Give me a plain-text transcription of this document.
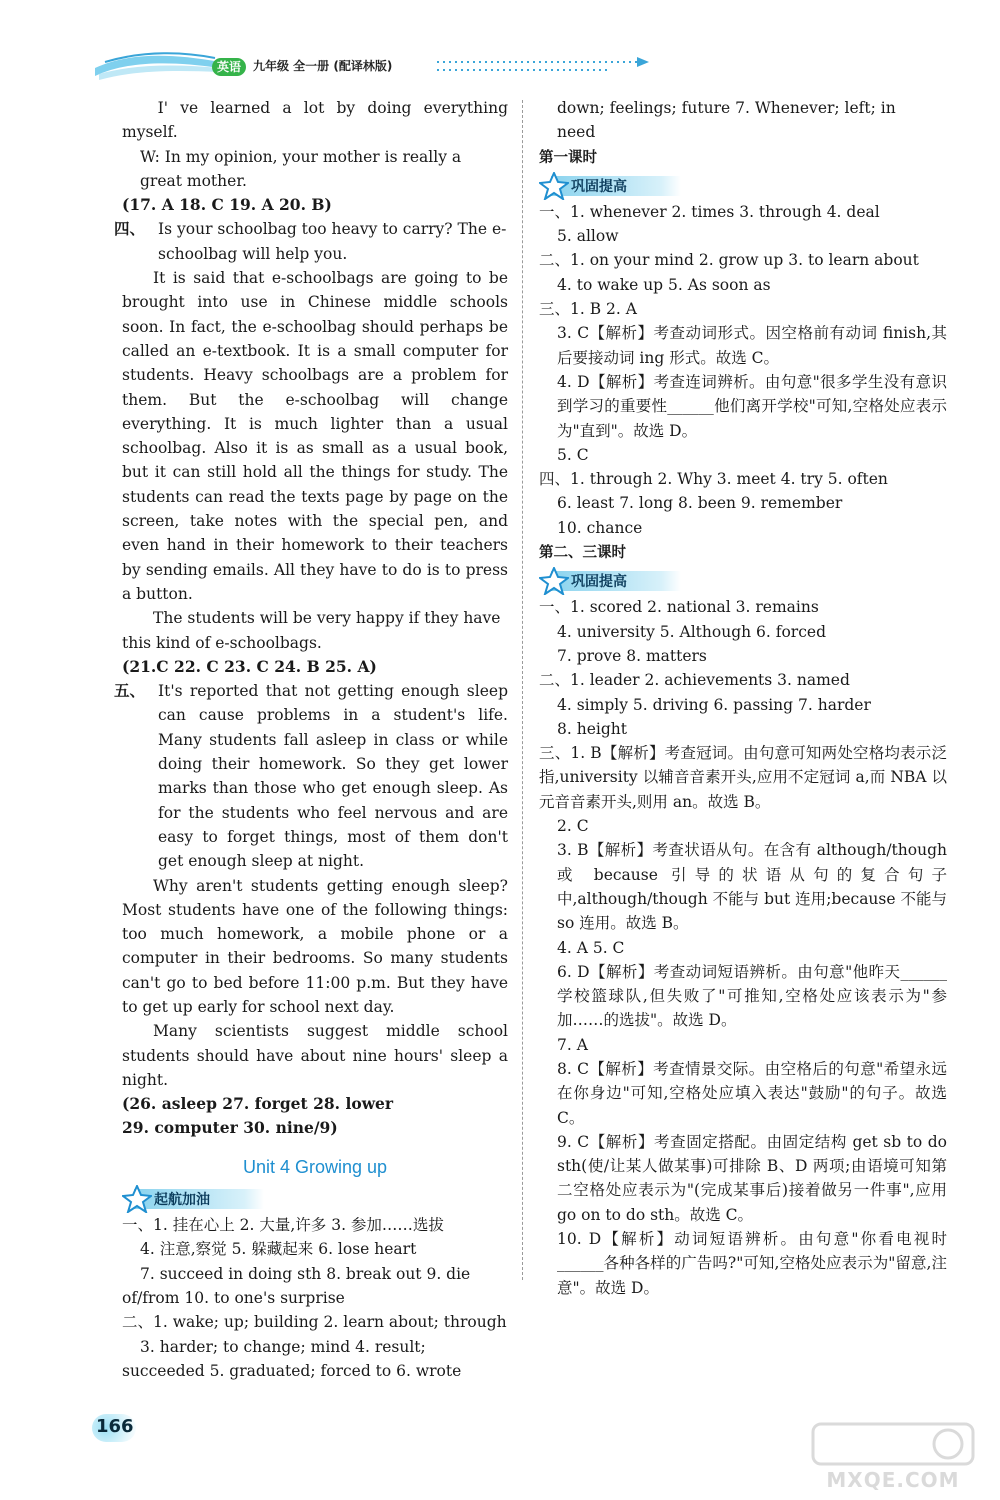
英语	九年级 全一册 (配译林版)

I' ve learned a lot by doing everything myself.

W: In my opinion, your mother is really a great mother.

(17. A 18. C 19. A 20. B)

四、 Is your schoolbag too heavy to carry? The e-schoolbag will help you.

It is said that e-schoolbags are going to be brought into use in Chinese middle schools soon. In fact, the e-schoolbag should perhaps be called an e-textbook. It is a small computer for students. Heavy schoolbags are a problem for them. But the e-schoolbag will change everything. It is much lighter than a usual schoolbag. Also it is as small as a usual book, but it can still hold all the things for study. The students can read the texts page by page on the screen, take notes with the special pen, and even hand in their homework to their teachers by sending emails. All they have to do is to press a button.

The students will be very happy if they have this kind of e-schoolbags.

(21.C 22. C 23. C 24. B 25. A)

五、 It's reported that not getting enough sleep can cause problems in a student's life. Many students fall asleep in class or while doing their homework. So they get lower marks than those who get enough sleep. As for the students who feel nervous and are easy to forget things, most of them don't get enough sleep at night.

Why aren't students getting enough sleep? Most students have one of the following things: too much homework, a mobile phone or a computer in their bedrooms. So many students can't go to bed before 11:00 p.m. But they have to get up early for school next day.

Many scientists suggest middle school students should have about nine hours' sleep a night.

(26. asleep 27. forget 28. lower

29. computer 30. nine/9)

Unit 4 Growing up
起航加油

一、1. 挂在心上 2. 大量,许多 3. 参加……选拔

4. 注意,察觉 5. 躲藏起来 6. lose heart

7. succeed in doing sth 8. break out 9. die

of/from 10. to one's surprise

二、1. wake; up; building 2. learn about; through

3. harder; to change; mind 4. result;

succeeded 5. graduated; forced to 6. wrote

down; feelings; future 7. Whenever; left; in

need

第一课时

巩固提高

一、1. whenever 2. times 3. through 4. deal

5. allow

二、1. on your mind 2. grow up 3. to learn about

4. to wake up 5. As soon as

三、1. B 2. A

3. C【解析】考查动词形式。因空格前有动词 finish,其后要接动词 ing 形式。故选 C。

4. D【解析】考查连词辨析。由句意"很多学生没有意识到学习的重要性______他们离开学校"可知,空格处应表示为"直到"。故选 D。

5. C

四、1. through 2. Why 3. meet 4. try 5. often

6. least 7. long 8. been 9. remember

10. chance

第二、三课时

巩固提高

一、1. scored 2. national 3. remains

4. university 5. Although 6. forced

7. prove 8. matters

二、1. leader 2. achievements 3. named

4. simply 5. driving 6. passing 7. harder

8. height

三、1. B【解析】考查冠词。由句意可知两处空格均表示泛指,university 以辅音音素开头,应用不定冠词 a,而 NBA 以元音音素开头,则用 an。故选 B。

2. C

3. B【解析】考查状语从句。在含有 although/though 或 because 引导的状语从句的复合句子中,although/though 不能与 but 连用;because 不能与 so 连用。故选 B。

4. A 5. C

6. D【解析】考查动词短语辨析。由句意"他昨天______学校篮球队,但失败了"可推知,空格处应该表示为"参加……的选拔"。故选 D。

7. A

8. C【解析】考查情景交际。由空格后的句意"希望永远在你身边"可知,空格处应填入表达"鼓励"的句子。故选 C。

9. C【解析】考查固定搭配。由固定结构 get sb to do sth(使/让某人做某事)可排除 B、D 两项;由语境可知第二空格处应表示为"(完成某事后)接着做另一件事",应用 go on to do sth。故选 C。

10. D【解析】动词短语辨析。由句意"你看电视时______各种各样的广告吗?"可知,空格处应表示为"留意,注意"。故选 D。

166
MXQE.COM
